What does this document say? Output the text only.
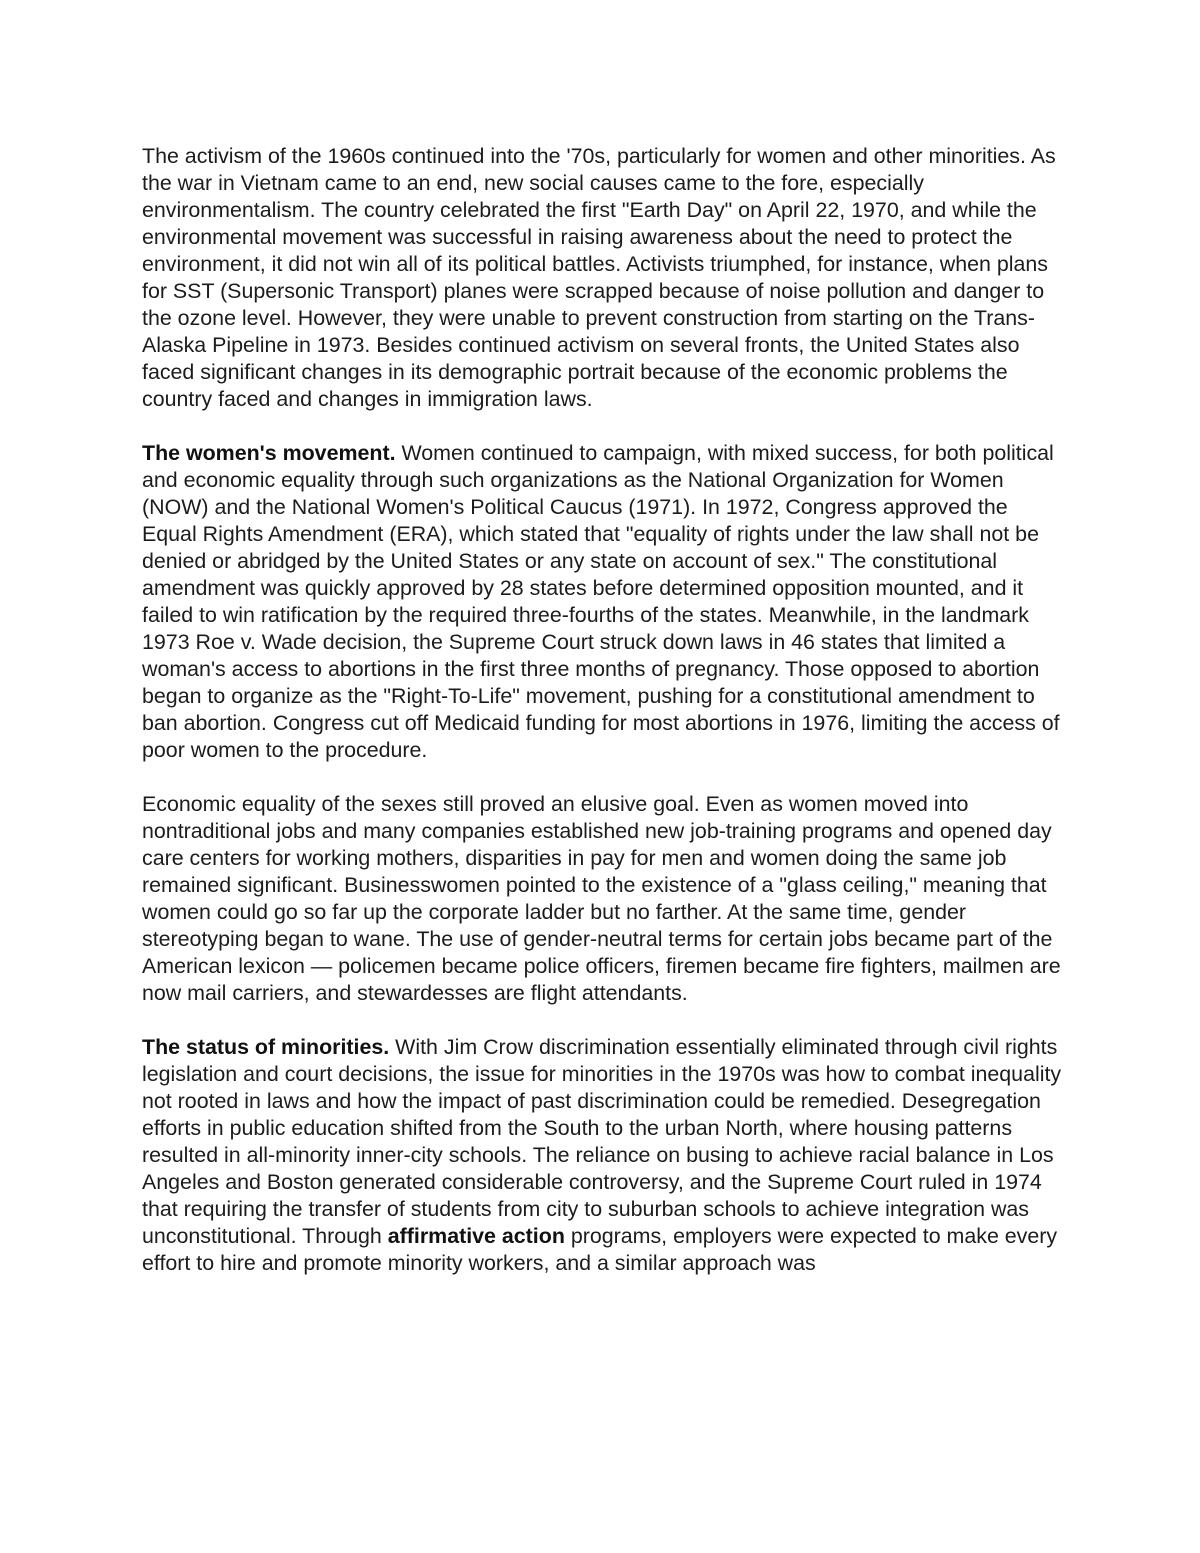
The activism of the 1960s continued into the '70s, particularly for women and other minorities. As the war in Vietnam came to an end, new social causes came to the fore, especially environmentalism. The country celebrated the first "Earth Day" on April 22, 1970, and while the environmental movement was successful in raising awareness about the need to protect the environment, it did not win all of its political battles. Activists triumphed, for instance, when plans for SST (Supersonic Transport) planes were scrapped because of noise pollution and danger to the ozone level. However, they were unable to prevent construction from starting on the Trans-Alaska Pipeline in 1973. Besides continued activism on several fronts, the United States also faced significant changes in its demographic portrait because of the economic problems the country faced and changes in immigration laws.

The women's movement. Women continued to campaign, with mixed success, for both political and economic equality through such organizations as the National Organization for Women (NOW) and the National Women's Political Caucus (1971). In 1972, Congress approved the Equal Rights Amendment (ERA), which stated that "equality of rights under the law shall not be denied or abridged by the United States or any state on account of sex." The constitutional amendment was quickly approved by 28 states before determined opposition mounted, and it failed to win ratification by the required three-fourths of the states. Meanwhile, in the landmark 1973 Roe v. Wade decision, the Supreme Court struck down laws in 46 states that limited a woman's access to abortions in the first three months of pregnancy. Those opposed to abortion began to organize as the "Right-To-Life" movement, pushing for a constitutional amendment to ban abortion. Congress cut off Medicaid funding for most abortions in 1976, limiting the access of poor women to the procedure.

Economic equality of the sexes still proved an elusive goal. Even as women moved into nontraditional jobs and many companies established new job-training programs and opened day care centers for working mothers, disparities in pay for men and women doing the same job remained significant. Businesswomen pointed to the existence of a "glass ceiling," meaning that women could go so far up the corporate ladder but no farther. At the same time, gender stereotyping began to wane. The use of gender-neutral terms for certain jobs became part of the American lexicon — policemen became police officers, firemen became fire fighters, mailmen are now mail carriers, and stewardesses are flight attendants.

The status of minorities. With Jim Crow discrimination essentially eliminated through civil rights legislation and court decisions, the issue for minorities in the 1970s was how to combat inequality not rooted in laws and how the impact of past discrimination could be remedied. Desegregation efforts in public education shifted from the South to the urban North, where housing patterns resulted in all-minority inner-city schools. The reliance on busing to achieve racial balance in Los Angeles and Boston generated considerable controversy, and the Supreme Court ruled in 1974 that requiring the transfer of students from city to suburban schools to achieve integration was unconstitutional. Through affirmative action programs, employers were expected to make every effort to hire and promote minority workers, and a similar approach was
